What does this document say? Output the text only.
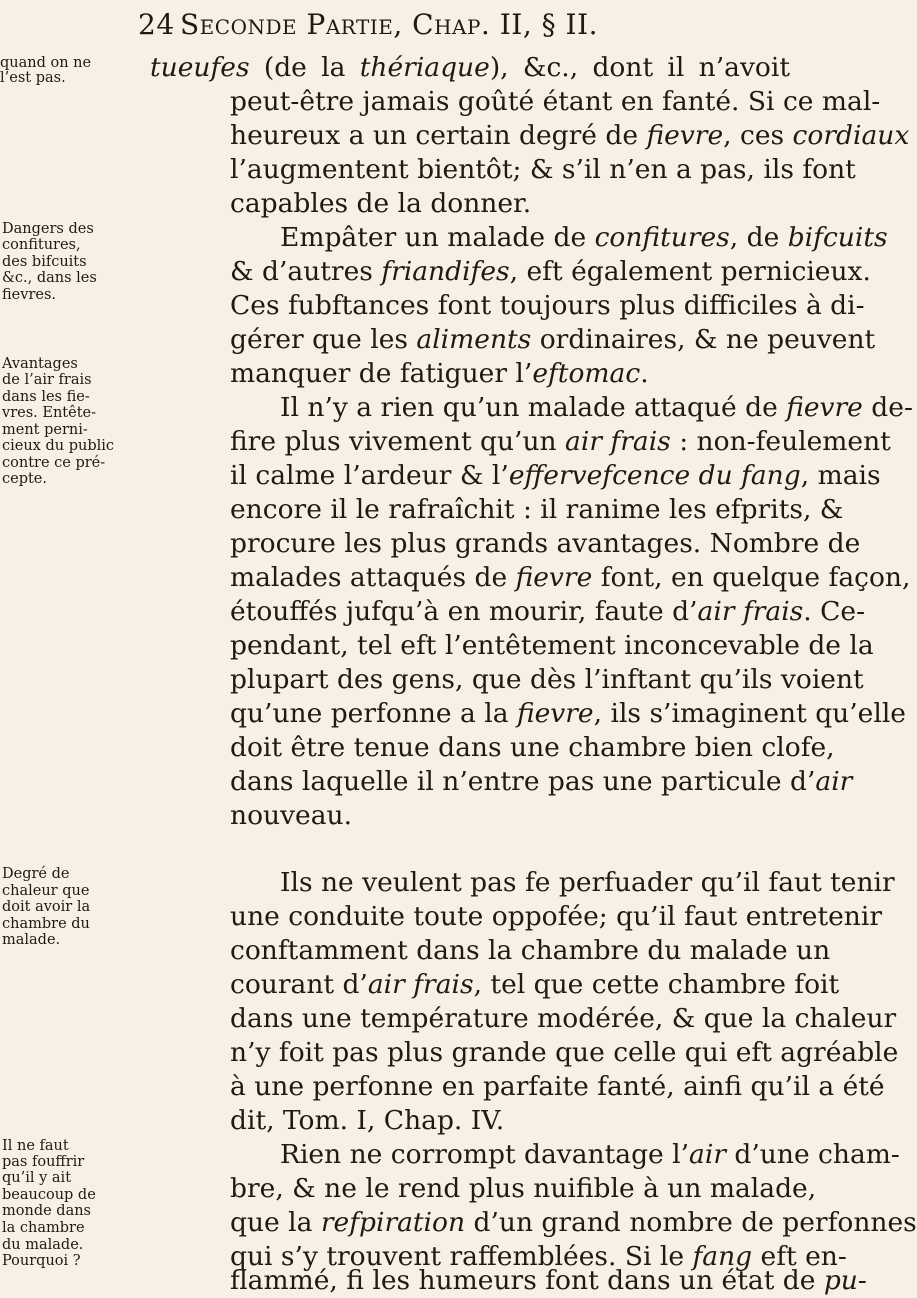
24 Seconde Partie, Chap. II, § II.
quand on ne
l’est pas.
Dangers des
confitures,
des bifcuits
&c., dans les
fievres.
Avantages
de l’air frais
dans les fie-
vres. Entête-
ment perni-
cieux du public
contre ce pré-
cepte.
Degré de
chaleur que
doit avoir la
chambre du
malade.
Il ne faut
pas fouffrir
qu’il y ait
beaucoup de
monde dans
la chambre
du malade.
Pourquoi ?
tueufes (de la thériaque), &c., dont il n’avoit
peut-être jamais goûté étant en fanté. Si ce mal-
heureux a un certain degré de fievre, ces cordiaux
l’augmentent bientôt; & s’il n’en a pas, ils font
capables de la donner.
Empâter un malade de confitures, de bifcuits
& d’autres friandifes, eft également pernicieux.
Ces fubftances font toujours plus difficiles à di-
gérer que les aliments ordinaires, & ne peuvent
manquer de fatiguer l’eftomac.
Il n’y a rien qu’un malade attaqué de fievre de-
fire plus vivement qu’un air frais : non-feulement
il calme l’ardeur & l’effervefcence du fang, mais
encore il le rafraîchit : il ranime les efprits, &
procure les plus grands avantages. Nombre de
malades attaqués de fievre font, en quelque façon,
étouffés jufqu’à en mourir, faute d’air frais. Ce-
pendant, tel eft l’entêtement inconcevable de la
plupart des gens, que dès l’inftant qu’ils voient
qu’une perfonne a la fievre, ils s’imaginent qu’elle
doit être tenue dans une chambre bien clofe,
dans laquelle il n’entre pas une particule d’air
nouveau.
Ils ne veulent pas fe perfuader qu’il faut tenir
une conduite toute oppofée; qu’il faut entretenir
conftamment dans la chambre du malade un
courant d’air frais, tel que cette chambre foit
dans une température modérée, & que la chaleur
n’y foit pas plus grande que celle qui eft agréable
à une perfonne en parfaite fanté, ainfi qu’il a été
dit, Tom. I, Chap. IV.
Rien ne corrompt davantage l’air d’une cham-
bre, & ne le rend plus nuifible à un malade,
que la refpiration d’un grand nombre de perfonnes
qui s’y trouvent raffemblées. Si le fang eft en-
flammé, fi les humeurs font dans un état de pu-
